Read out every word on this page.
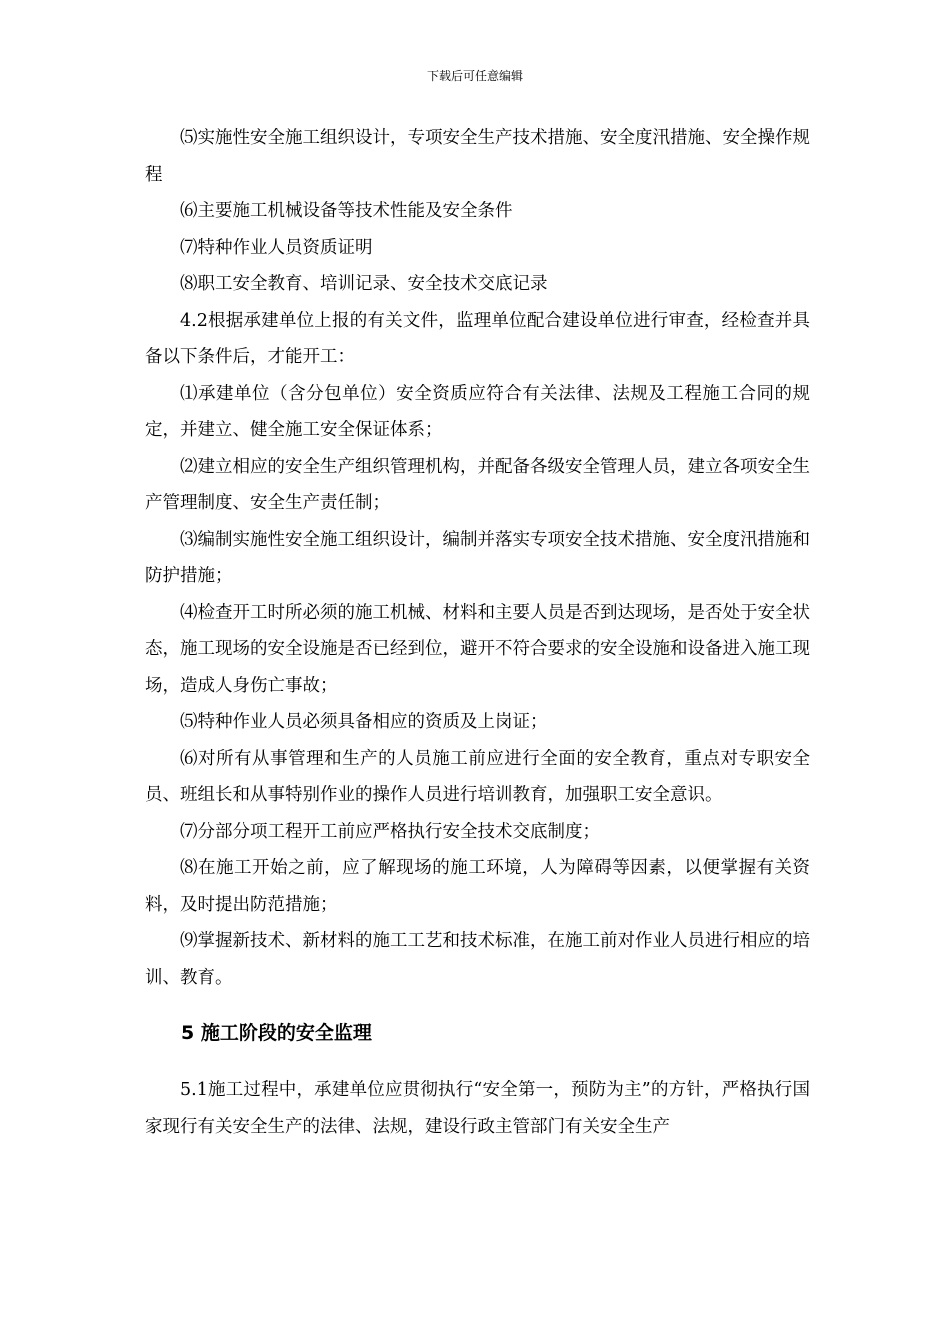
下载后可任意编辑

⑸实施性安全施工组织设计，专项安全生产技术措施、安全度汛措施、安全操作规程

⑹主要施工机械设备等技术性能及安全条件

⑺特种作业人员资质证明

⑻职工安全教育、培训记录、安全技术交底记录

4.2根据承建单位上报的有关文件，监理单位配合建设单位进行审查，经检查并具备以下条件后，才能开工：

⑴承建单位（含分包单位）安全资质应符合有关法律、法规及工程施工合同的规定，并建立、健全施工安全保证体系；

⑵建立相应的安全生产组织管理机构，并配备各级安全管理人员，建立各项安全生产管理制度、安全生产责任制；

⑶编制实施性安全施工组织设计，编制并落实专项安全技术措施、安全度汛措施和防护措施；

⑷检查开工时所必须的施工机械、材料和主要人员是否到达现场，是否处于安全状态，施工现场的安全设施是否已经到位，避开不符合要求的安全设施和设备进入施工现场，造成人身伤亡事故；

⑸特种作业人员必须具备相应的资质及上岗证；

⑹对所有从事管理和生产的人员施工前应进行全面的安全教育，重点对专职安全员、班组长和从事特别作业的操作人员进行培训教育，加强职工安全意识。

⑺分部分项工程开工前应严格执行安全技术交底制度；

⑻在施工开始之前，应了解现场的施工环境，人为障碍等因素，以便掌握有关资料，及时提出防范措施；

⑼掌握新技术、新材料的施工工艺和技术标准，在施工前对作业人员进行相应的培训、教育。

5 施工阶段的安全监理

5.1施工过程中，承建单位应贯彻执行“安全第一，预防为主”的方针，严格执行国家现行有关安全生产的法律、法规，建设行政主管部门有关安全生产
